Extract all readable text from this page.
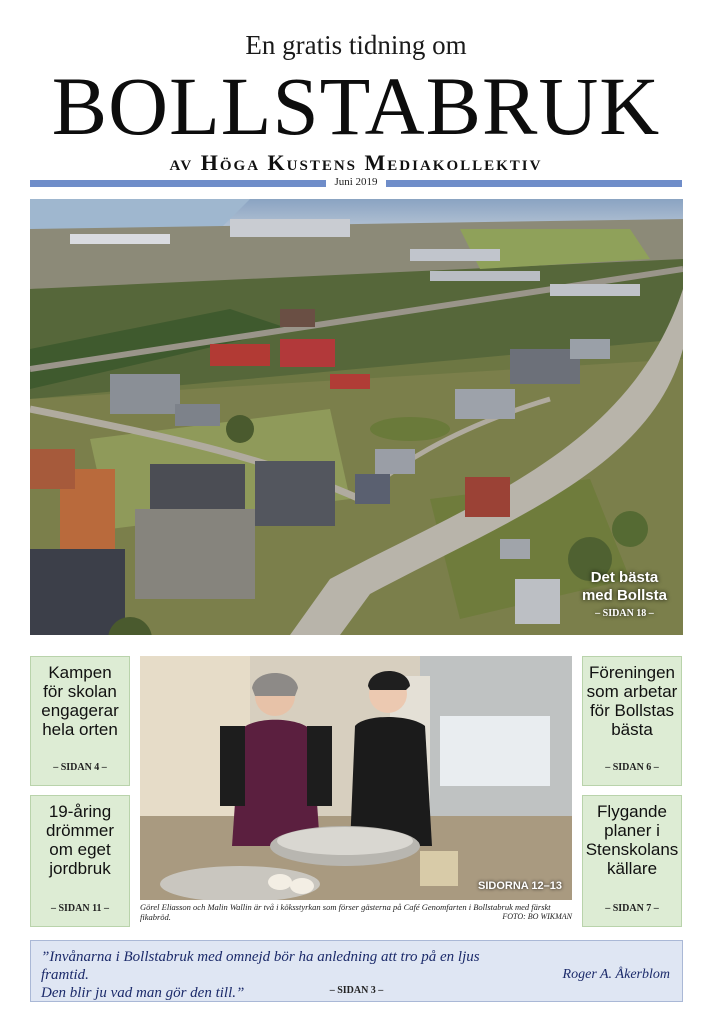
En gratis tidning om
BOLLSTABRUK
av Höga Kustens Mediakollektiv
Juni 2019
Det bästa
med Bollsta
– SIDAN 18 –
Kampen
för skolan
engagerar
hela orten
– SIDAN 4 –
19-åring
drömmer
om eget
jordbruk
– SIDAN 11 –
Föreningen
som arbetar
för Bollstas
bästa
– SIDAN 6 –
Flygande
planer i
Stenskolans
källare
– SIDAN 7 –
SIDORNA 12–13
Görel Eliasson och Malin Wallin är två i köksstyrkan som förser gästerna på Café Genomfarten i Bollstabruk med färskt fikabröd.	FOTO: BO WIKMAN
”Invånarna i Bollstabruk med omnejd bör ha anledning att tro på en ljus framtid.
Den blir ju vad man gör den till.”
Roger A. Åkerblom
– SIDAN 3 –
